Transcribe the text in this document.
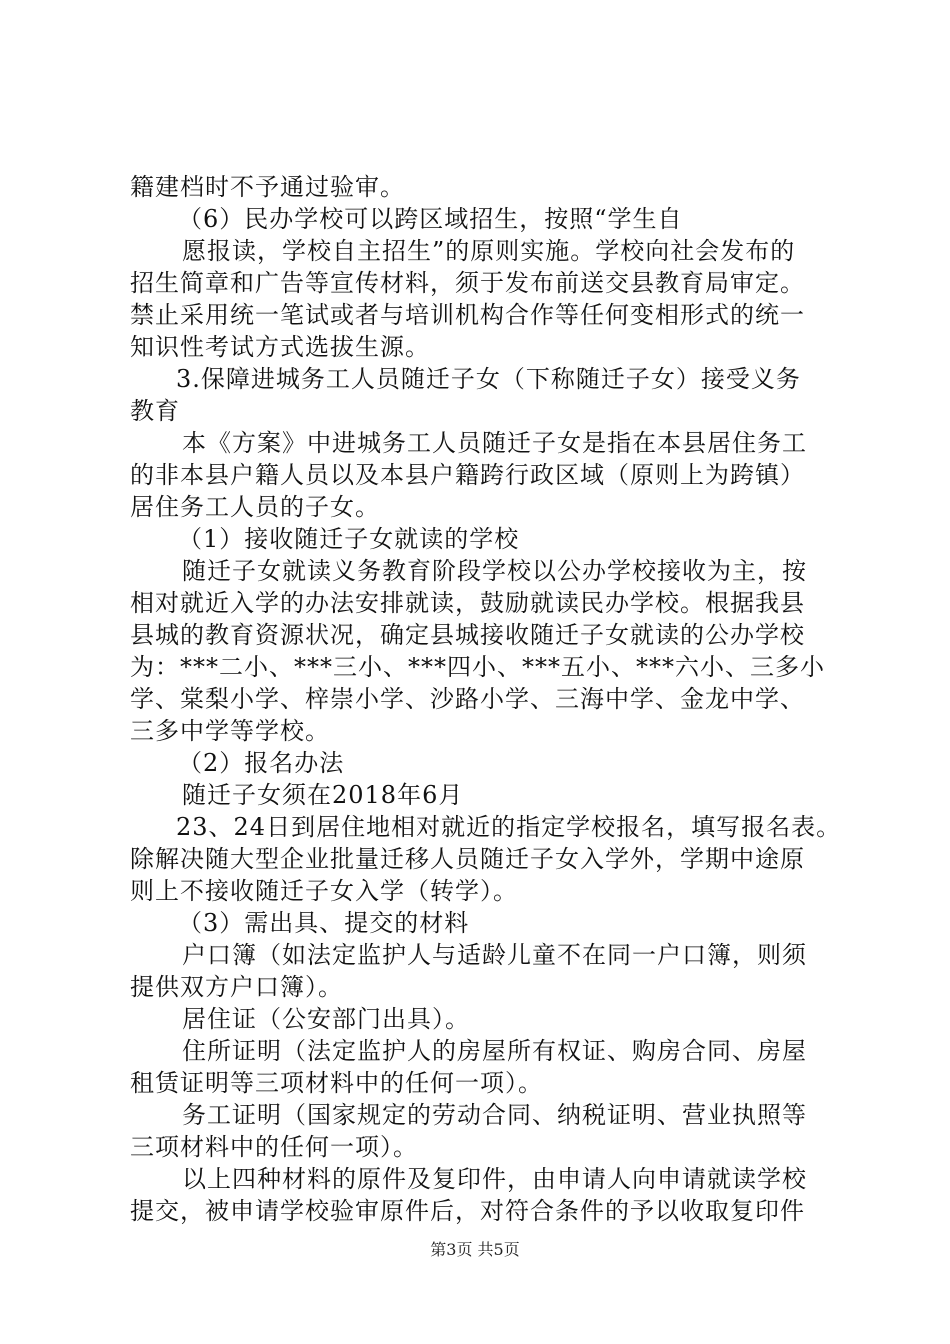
籍建档时不予通过验审。
（6）民办学校可以跨区域招生，按照“学生自
愿报读，学校自主招生”的原则实施。学校向社会发布的
招生简章和广告等宣传材料，须于发布前送交县教育局审定。
禁止采用统一笔试或者与培训机构合作等任何变相形式的统一
知识性考试方式选拔生源。
3.保障进城务工人员随迁子女（下称随迁子女）接受义务
教育
本《方案》中进城务工人员随迁子女是指在本县居住务工
的非本县户籍人员以及本县户籍跨行政区域（原则上为跨镇）
居住务工人员的子女。
（1）接收随迁子女就读的学校
随迁子女就读义务教育阶段学校以公办学校接收为主，按
相对就近入学的办法安排就读，鼓励就读民办学校。根据我县
县城的教育资源状况，确定县城接收随迁子女就读的公办学校
为：***二小、***三小、***四小、***五小、***六小、三多小
学、棠梨小学、梓崇小学、沙路小学、三海中学、金龙中学、
三多中学等学校。
（2）报名办法
随迁子女须在2018年6月
23、24日到居住地相对就近的指定学校报名，填写报名表。
除解决随大型企业批量迁移人员随迁子女入学外，学期中途原
则上不接收随迁子女入学（转学）。
（3）需出具、提交的材料
户口簿（如法定监护人与适龄儿童不在同一户口簿，则须
提供双方户口簿）。
居住证（公安部门出具）。
住所证明（法定监护人的房屋所有权证、购房合同、房屋
租赁证明等三项材料中的任何一项）。
务工证明（国家规定的劳动合同、纳税证明、营业执照等
三项材料中的任何一项）。
以上四种材料的原件及复印件，由申请人向申请就读学校
提交，被申请学校验审原件后，对符合条件的予以收取复印件
第3页 共5页
